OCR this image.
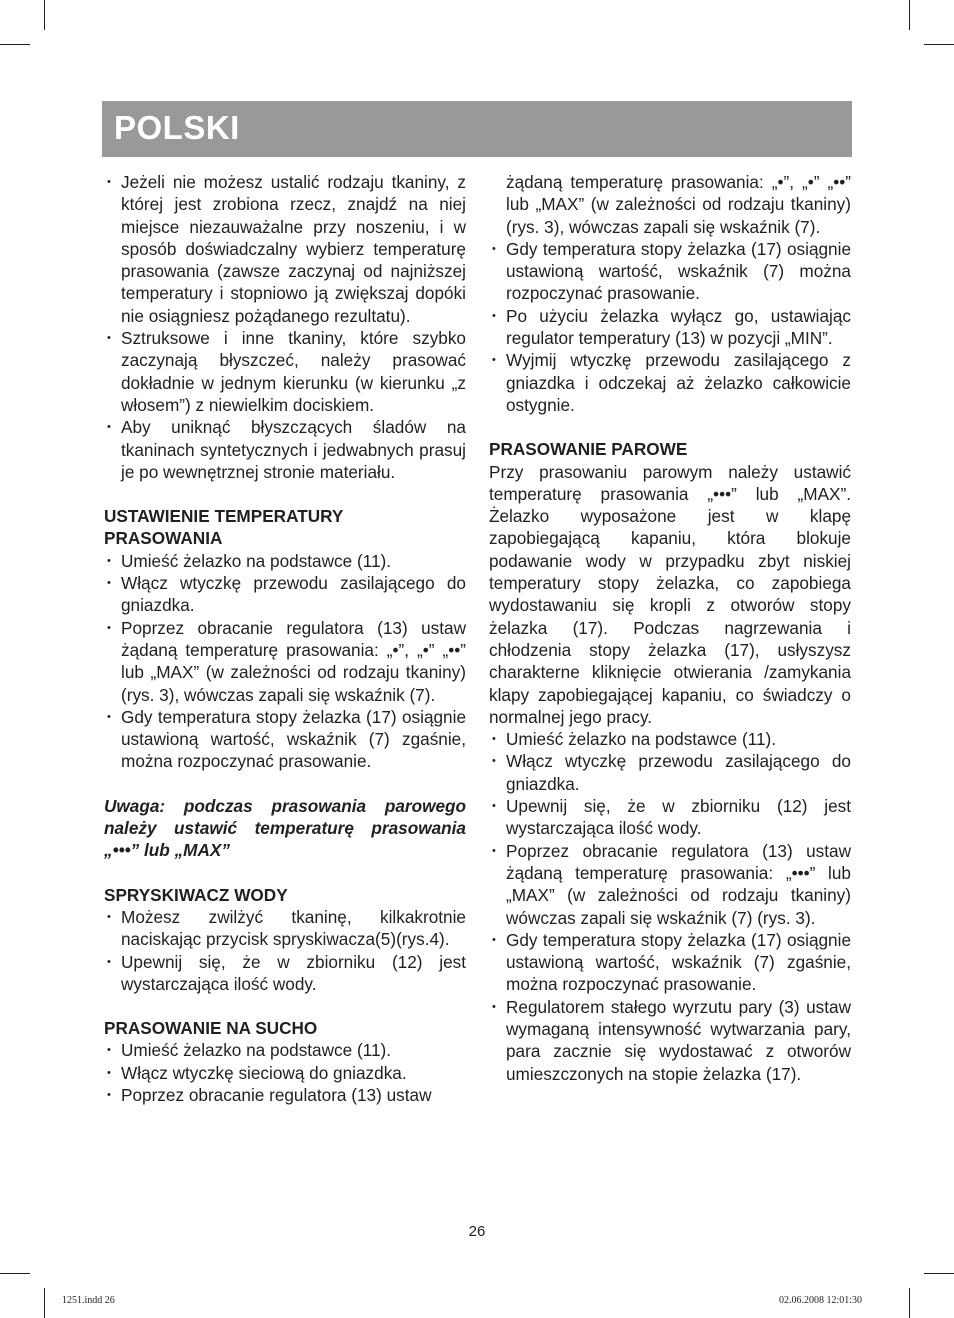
POLSKI
• Jeżeli nie możesz ustalić rodzaju tkaniny, z której jest zrobiona rzecz, znajdź na niej miejsce niezauważalne przy noszeniu, i w sposób doświadczalny wybierz temperaturę prasowania (zawsze zaczynaj od najniższej temperatury i stopniowo ją zwiększaj dopóki nie osiągniesz pożądanego rezultatu).
• Sztruksowe i inne tkaniny, które szybko zaczynają błyszczeć, należy prasować dokładnie w jednym kierunku (w kierunku „z włosem”) z niewielkim dociskiem.
• Aby uniknąć błyszczących śladów na tkaninach syntetycznych i jedwabnych prasuj je po wewnętrznej stronie materiału.
USTAWIENIE TEMPERATURY PRASOWANIA
• Umieść żelazko na podstawce (11).
• Włącz wtyczkę przewodu zasilającego do gniazdka.
• Poprzez obracanie regulatora (13) ustaw żądaną temperaturę prasowania: „•”, „•” „••” lub „MAX” (w zależności od rodzaju tkaniny) (rys. 3), wówczas zapali się wskaźnik (7).
• Gdy temperatura stopy żelazka (17) osiągnie ustawioną wartość, wskaźnik (7) zgaśnie, można rozpoczynać prasowanie.
Uwaga: podczas prasowania parowego należy ustawić temperaturę prasowania „•••” lub „MAX”
SPRYSKIWACZ WODY
• Możesz zwilżyć tkaninę, kilkakrotnie naciskając przycisk spryskiwacza(5)(rys.4).
• Upewnij się, że w zbiorniku (12) jest wystarczająca ilość wody.
PRASOWANIE NA SUCHO
• Umieść żelazko na podstawce (11).
• Włącz wtyczkę sieciową do gniazdka.
• Poprzez obracanie regulatora (13) ustaw
żądaną temperaturę prasowania: „•”, „•” „••” lub „MAX” (w zależności od rodzaju tkaniny) (rys. 3), wówczas zapali się wskaźnik (7).
• Gdy temperatura stopy żelazka (17) osiągnie ustawioną wartość, wskaźnik (7) można rozpoczynać prasowanie.
• Po użyciu żelazka wyłącz go, ustawiając regulator temperatury (13) w pozycji „MIN”.
• Wyjmij wtyczkę przewodu zasilającego z gniazdka i odczekaj aż żelazko całkowicie ostygnie.
PRASOWANIE PAROWE
Przy prasowaniu parowym należy ustawić temperaturę prasowania „•••” lub „MAX”. Żelazko wyposażone jest w klapę zapobiegającą kapaniu, która blokuje podawanie wody w przypadku zbyt niskiej temperatury stopy żelazka, co zapobiega wydostawaniu się kropli z otworów stopy żelazka (17). Podczas nagrzewania i chłodzenia stopy żelazka (17), usłyszysz charakterne kliknięcie otwierania /zamykania klapy zapobiegającej kapaniu, co świadczy o normalnej jego pracy.
• Umieść żelazko na podstawce (11).
• Włącz wtyczkę przewodu zasilającego do gniazdka.
• Upewnij się, że w zbiorniku (12) jest wystarczająca ilość wody.
• Poprzez obracanie regulatora (13) ustaw żądaną temperaturę prasowania: „•••” lub „MAX” (w zależności od rodzaju tkaniny) wówczas zapali się wskaźnik (7) (rys. 3).
• Gdy temperatura stopy żelazka (17) osiągnie ustawioną wartość, wskaźnik (7) zgaśnie, można rozpoczynać prasowanie.
• Regulatorem stałego wyrzutu pary (3) ustaw wymaganą intensywność wytwarzania pary, para zacznie się wydostawać z otworów umieszczonych na stopie żelazka (17).
26
1251.indd 26	02.06.2008 12:01:30
